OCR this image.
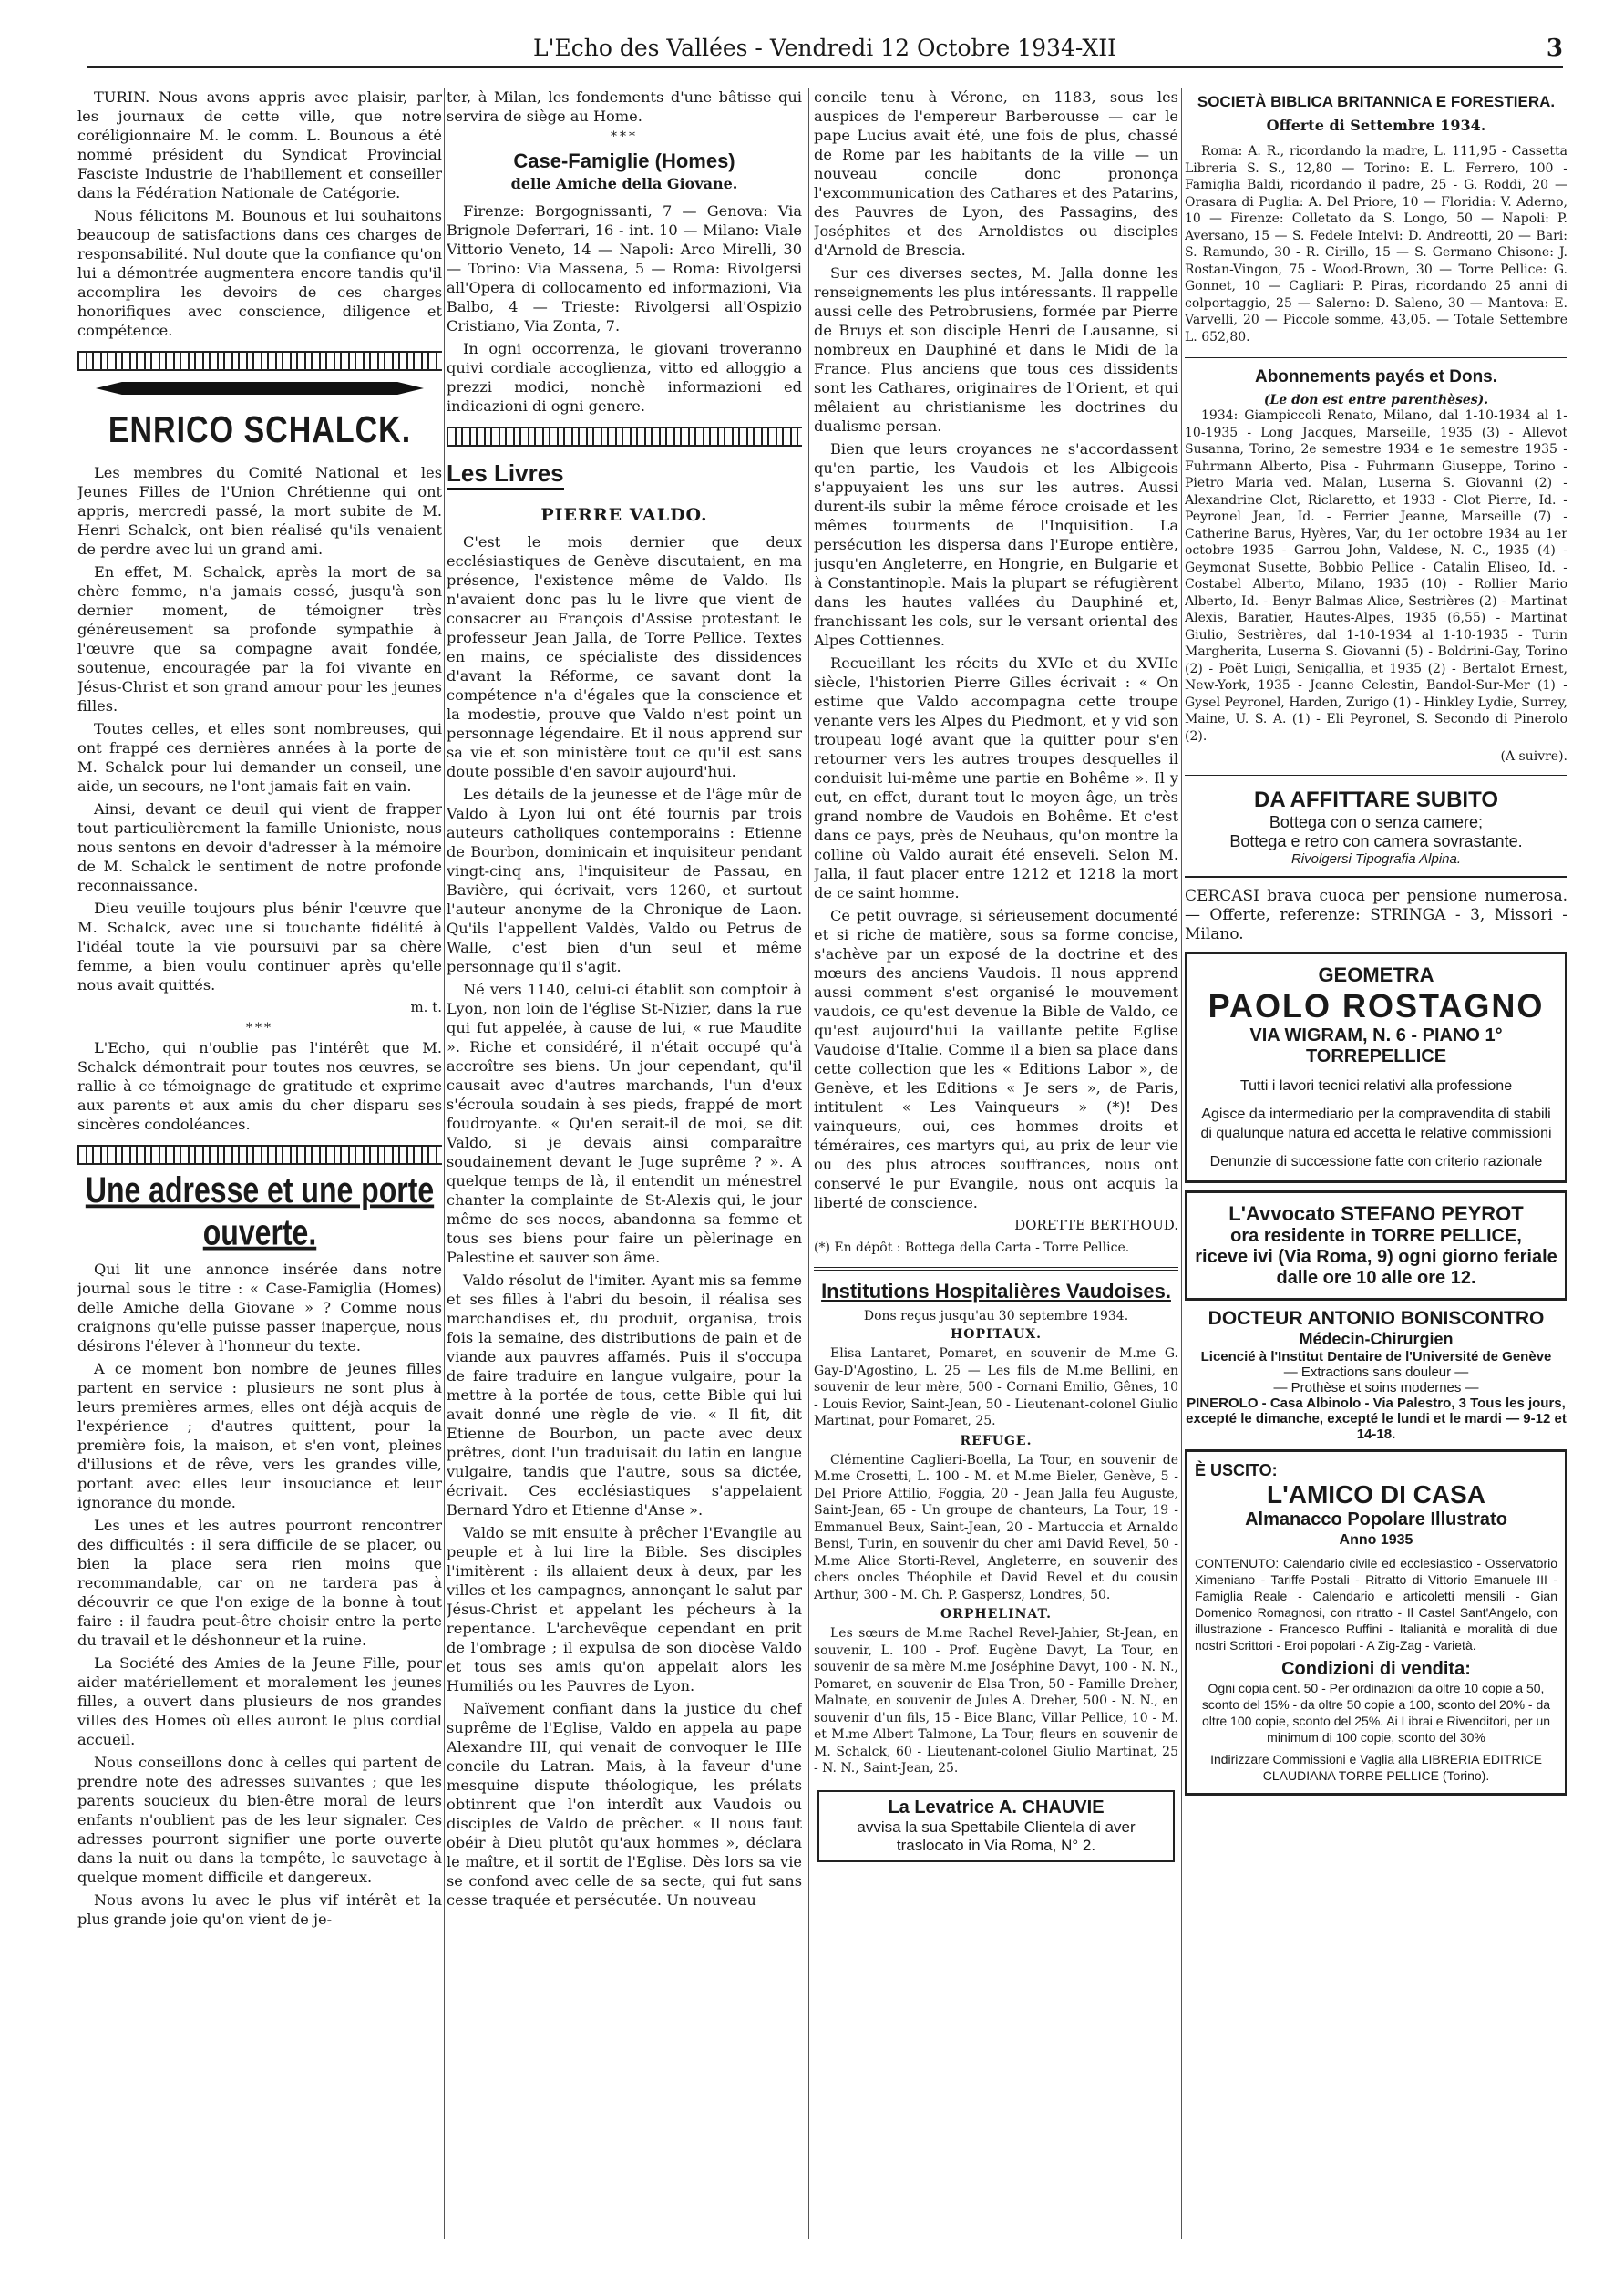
L'Echo des Vallées - Vendredi 12 Octobre 1934-XII	3

TURIN. Nous avons appris avec plaisir, par les journaux de cette ville, que notre coréligionnaire M. le comm. L. Bounous a été nommé président du Syndicat Provincial Fasciste Industrie de l'habillement et conseiller dans la Fédération Nationale de Catégorie.

Nous félicitons M. Bounous et lui souhaitons beaucoup de satisfactions dans ces charges de responsabilité. Nul doute que la confiance qu'on lui a démontrée augmentera encore tandis qu'il accomplira les devoirs de ces charges honorifiques avec conscience, diligence et compétence.

ENRICO SCHALCK.

Les membres du Comité National et les Jeunes Filles de l'Union Chrétienne qui ont appris, mercredi passé, la mort subite de M. Henri Schalck, ont bien réalisé qu'ils venaient de perdre avec lui un grand ami.

En effet, M. Schalck, après la mort de sa chère femme, n'a jamais cessé, jusqu'à son dernier moment, de témoigner très généreusement sa profonde sympathie à l'œuvre que sa compagne avait fondée, soutenue, encouragée par la foi vivante en Jésus-Christ et son grand amour pour les jeunes filles.

Toutes celles, et elles sont nombreuses, qui ont frappé ces dernières années à la porte de M. Schalck pour lui demander un conseil, une aide, un secours, ne l'ont jamais fait en vain.

Ainsi, devant ce deuil qui vient de frapper tout particulièrement la famille Unioniste, nous nous sentons en devoir d'adresser à la mémoire de M. Schalck le sentiment de notre profonde reconnaissance.

Dieu veuille toujours plus bénir l'œuvre que M. Schalck, avec une si touchante fidélité à l'idéal toute la vie poursuivi par sa chère femme, a bien voulu continuer après qu'elle nous avait quittés.

m. t.

***

L'Echo, qui n'oublie pas l'intérêt que M. Schalck démontrait pour toutes nos œuvres, se rallie à ce témoignage de gratitude et exprime aux parents et aux amis du cher disparu ses sincères condoléances.

Une adresse et une porte ouverte.

Qui lit une annonce insérée dans notre journal sous le titre : « Case-Famiglia (Homes) delle Amiche della Giovane » ? Comme nous craignons qu'elle puisse passer inaperçue, nous désirons l'élever à l'honneur du texte.

A ce moment bon nombre de jeunes filles partent en service : plusieurs ne sont plus à leurs premières armes, elles ont déjà acquis de l'expérience ; d'autres quittent, pour la première fois, la maison, et s'en vont, pleines d'illusions et de rêve, vers les grandes ville, portant avec elles leur insouciance et leur ignorance du monde.

Les unes et les autres pourront rencontrer des difficultés : il sera difficile de se placer, ou bien la place sera rien moins que recommandable, car on ne tardera pas à découvrir ce que l'on exige de la bonne à tout faire : il faudra peut-être choisir entre la perte du travail et le déshonneur et la ruine.

La Société des Amies de la Jeune Fille, pour aider matériellement et moralement les jeunes filles, a ouvert dans plusieurs de nos grandes villes des Homes où elles auront le plus cordial accueil.

Nous conseillons donc à celles qui partent de prendre note des adresses suivantes ; que les parents soucieux du bien-être moral de leurs enfants n'oublient pas de les leur signaler. Ces adresses pourront signifier une porte ouverte dans la nuit ou dans la tempête, le sauvetage à quelque moment difficile et dangereux.

Nous avons lu avec le plus vif intérêt et la plus grande joie qu'on vient de je-

ter, à Milan, les fondements d'une bâtisse qui servira de siège au Home.

***
Case-Famiglie (Homes)
delle Amiche della Giovane.

Firenze: Borgognissanti, 7 — Genova: Via Brignole Deferrari, 16 - int. 10 — Milano: Viale Vittorio Veneto, 14 — Napoli: Arco Mirelli, 30 — Torino: Via Massena, 5 — Roma: Rivolgersi all'Opera di collocamento ed informazioni, Via Balbo, 4 — Trieste: Rivolgersi all'Ospizio Cristiano, Via Zonta, 7.

In ogni occorrenza, le giovani troveranno quivi cordiale accoglienza, vitto ed alloggio a prezzi modici, nonchè informazioni ed indicazioni di ogni genere.

Les Livres
PIERRE VALDO.

C'est le mois dernier que deux ecclésiastiques de Genève discutaient, en ma présence, l'existence même de Valdo. Ils n'avaient donc pas lu le livre que vient de consacrer au François d'Assise protestant le professeur Jean Jalla, de Torre Pellice. Textes en mains, ce spécialiste des dissidences d'avant la Réforme, ce savant dont la compétence n'a d'égales que la conscience et la modestie, prouve que Valdo n'est point un personnage légendaire. Et il nous apprend sur sa vie et son ministère tout ce qu'il est sans doute possible d'en savoir aujourd'hui.

Les détails de la jeunesse et de l'âge mûr de Valdo à Lyon lui ont été fournis par trois auteurs catholiques contemporains : Etienne de Bourbon, dominicain et inquisiteur pendant vingt-cinq ans, l'inquisiteur de Passau, en Bavière, qui écrivait, vers 1260, et surtout l'auteur anonyme de la Chronique de Laon. Qu'ils l'appellent Valdès, Valdo ou Petrus de Walle, c'est bien d'un seul et même personnage qu'il s'agit.

Né vers 1140, celui-ci établit son comptoir à Lyon, non loin de l'église St-Nizier, dans la rue qui fut appelée, à cause de lui, « rue Maudite ». Riche et considéré, il n'était occupé qu'à accroître ses biens. Un jour cependant, qu'il causait avec d'autres marchands, l'un d'eux s'écroula soudain à ses pieds, frappé de mort foudroyante. « Qu'en serait-il de moi, se dit Valdo, si je devais ainsi comparaître soudainement devant le Juge suprême ? ». A quelque temps de là, il entendit un ménestrel chanter la complainte de St-Alexis qui, le jour même de ses noces, abandonna sa femme et tous ses biens pour faire un pèlerinage en Palestine et sauver son âme.

Valdo résolut de l'imiter. Ayant mis sa femme et ses filles à l'abri du besoin, il réalisa ses marchandises et, du produit, organisa, trois fois la semaine, des distributions de pain et de viande aux pauvres affamés. Puis il s'occupa de faire traduire en langue vulgaire, pour la mettre à la portée de tous, cette Bible qui lui avait donné une règle de vie. « Il fit, dit Etienne de Bourbon, un pacte avec deux prêtres, dont l'un traduisait du latin en langue vulgaire, tandis que l'autre, sous sa dictée, écrivait. Ces ecclésiastiques s'appelaient Bernard Ydro et Etienne d'Anse ».

Valdo se mit ensuite à prêcher l'Evangile au peuple et à lui lire la Bible. Ses disciples l'imitèrent : ils allaient deux à deux, par les villes et les campagnes, annonçant le salut par Jésus-Christ et appelant les pécheurs à la repentance. L'archevêque cependant en prit de l'ombrage ; il expulsa de son diocèse Valdo et tous ses amis qu'on appelait alors les Humiliés ou les Pauvres de Lyon.

Naïvement confiant dans la justice du chef suprême de l'Eglise, Valdo en appela au pape Alexandre III, qui venait de convoquer le IIIe concile du Latran. Mais, à la faveur d'une mesquine dispute théologique, les prélats obtinrent que l'on interdît aux Vaudois ou disciples de Valdo de prêcher. « Il nous faut obéir à Dieu plutôt qu'aux hommes », déclara le maître, et il sortit de l'Eglise. Dès lors sa vie se confond avec celle de sa secte, qui fut sans cesse traquée et persécutée. Un nouveau

concile tenu à Vérone, en 1183, sous les auspices de l'empereur Barberousse — car le pape Lucius avait été, une fois de plus, chassé de Rome par les habitants de la ville — un nouveau concile donc prononça l'excommunication des Cathares et des Patarins, des Pauvres de Lyon, des Passagins, des Joséphites et des Arnoldistes ou disciples d'Arnold de Brescia.

Sur ces diverses sectes, M. Jalla donne les renseignements les plus intéressants. Il rappelle aussi celle des Petrobrusiens, formée par Pierre de Bruys et son disciple Henri de Lausanne, si nombreux en Dauphiné et dans le Midi de la France. Plus anciens que tous ces dissidents sont les Cathares, originaires de l'Orient, et qui mêlaient au christianisme les doctrines du dualisme persan.

Bien que leurs croyances ne s'accordassent qu'en partie, les Vaudois et les Albigeois s'appuyaient les uns sur les autres. Aussi durent-ils subir la même féroce croisade et les mêmes tourments de l'Inquisition. La persécution les dispersa dans l'Europe entière, jusqu'en Angleterre, en Hongrie, en Bulgarie et à Constantinople. Mais la plupart se réfugièrent dans les hautes vallées du Dauphiné et, franchissant les cols, sur le versant oriental des Alpes Cottiennes.

Recueillant les récits du XVIe et du XVIIe siècle, l'historien Pierre Gilles écrivait : « On estime que Valdo accompagna cette troupe venante vers les Alpes du Piedmont, et y vid son troupeau logé avant que la quitter pour s'en retourner vers les autres troupes desquelles il conduisit lui-même une partie en Bohême ». Il y eut, en effet, durant tout le moyen âge, un très grand nombre de Vaudois en Bohême. Et c'est dans ce pays, près de Neuhaus, qu'on montre la colline où Valdo aurait été enseveli. Selon M. Jalla, il faut placer entre 1212 et 1218 la mort de ce saint homme.

Ce petit ouvrage, si sérieusement documenté et si riche de matière, sous sa forme concise, s'achève par un exposé de la doctrine et des mœurs des anciens Vaudois. Il nous apprend aussi comment s'est organisé le mouvement vaudois, ce qu'est devenue la Bible de Valdo, ce qu'est aujourd'hui la vaillante petite Eglise Vaudoise d'Italie. Comme il a bien sa place dans cette collection que les « Editions Labor », de Genève, et les Editions « Je sers », de Paris, intitulent « Les Vainqueurs » (*)! Des vainqueurs, oui, ces hommes droits et téméraires, ces martyrs qui, au prix de leur vie ou des plus atroces souffrances, nous ont conservé le pur Evangile, nous ont acquis la liberté de conscience.

DORETTE BERTHOUD.

(*) En dépôt : Bottega della Carta - Torre Pellice.

Institutions Hospitalières Vaudoises.
Dons reçus jusqu'au 30 septembre 1934.
HOPITAUX.

Elisa Lantaret, Pomaret, en souvenir de M.me G. Gay-D'Agostino, L. 25 — Les fils de M.me Bellini, en souvenir de leur mère, 500 - Cornani Emilio, Gênes, 10 - Louis Revior, Saint-Jean, 50 - Lieutenant-colonel Giulio Martinat, pour Pomaret, 25.

REFUGE.

Clémentine Caglieri-Boella, La Tour, en souvenir de M.me Crosetti, L. 100 - M. et M.me Bieler, Genève, 5 - Del Priore Attilio, Foggia, 20 - Jean Jalla feu Auguste, Saint-Jean, 65 - Un groupe de chanteurs, La Tour, 19 - Emmanuel Beux, Saint-Jean, 20 - Martuccia et Arnaldo Bensi, Turin, en souvenir du cher ami David Revel, 50 - M.me Alice Storti-Revel, Angleterre, en souvenir des chers oncles Théophile et David Revel et du cousin Arthur, 300 - M. Ch. P. Gaspersz, Londres, 50.

ORPHELINAT.

Les sœurs de M.me Rachel Revel-Jahier, St-Jean, en souvenir, L. 100 - Prof. Eugène Davyt, La Tour, en souvenir de sa mère M.me Joséphine Davyt, 100 - N. N., Pomaret, en souvenir de Elsa Tron, 50 - Famille Dreher, Malnate, en souvenir de Jules A. Dreher, 500 - N. N., en souvenir d'un fils, 15 - Bice Blanc, Villar Pellice, 10 - M. et M.me Albert Talmone, La Tour, fleurs en souvenir de M. Schalck, 60 - Lieutenant-colonel Giulio Martinat, 25 - N. N., Saint-Jean, 25.

La Levatrice A. CHAUVIE
avvisa la sua Spettabile Clientela di aver traslocato in Via Roma, N° 2.
SOCIETÀ BIBLICA BRITANNICA E FORESTIERA.
Offerte di Settembre 1934.

Roma: A. R., ricordando la madre, L. 111,95 - Cassetta Libreria S. S., 12,80 — Torino: E. L. Ferrero, 100 - Famiglia Baldi, ricordando il padre, 25 - G. Roddi, 20 — Orasara di Puglia: A. Del Priore, 10 — Floridia: V. Aderno, 10 — Firenze: Colletato da S. Longo, 50 — Napoli: P. Aversano, 15 — S. Fedele Intelvi: D. Andreotti, 20 — Bari: S. Ramundo, 30 - R. Cirillo, 15 — S. Germano Chisone: J. Rostan-Vingon, 75 - Wood-Brown, 30 — Torre Pellice: G. Gonnet, 10 — Cagliari: P. Piras, ricordando 25 anni di colportaggio, 25 — Salerno: D. Saleno, 30 — Mantova: E. Varvelli, 20 — Piccole somme, 43,05. — Totale Settembre L. 652,80.

Abonnements payés et Dons.
(Le don est entre parenthèses).

1934: Giampiccoli Renato, Milano, dal 1-10-1934 al 1-10-1935 - Long Jacques, Marseille, 1935 (3) - Allevot Susanna, Torino, 2e semestre 1934 e 1e semestre 1935 - Fuhrmann Alberto, Pisa - Fuhrmann Giuseppe, Torino - Pietro Maria ved. Malan, Luserna S. Giovanni (2) - Alexandrine Clot, Riclaretto, et 1933 - Clot Pierre, Id. - Peyronel Jean, Id. - Ferrier Jeanne, Marseille (7) - Catherine Barus, Hyères, Var, du 1er octobre 1934 au 1er octobre 1935 - Garrou John, Valdese, N. C., 1935 (4) - Geymonat Susette, Bobbio Pellice - Catalin Eliseo, Id. - Costabel Alberto, Milano, 1935 (10) - Rollier Mario Alberto, Id. - Benyr Balmas Alice, Sestrières (2) - Martinat Alexis, Baratier, Hautes-Alpes, 1935 (6,55) - Martinat Giulio, Sestrières, dal 1-10-1934 al 1-10-1935 - Turin Margherita, Luserna S. Giovanni (5) - Boldrini-Gay, Torino (2) - Poët Luigi, Senigallia, et 1935 (2) - Bertalot Ernest, New-York, 1935 - Jeanne Celestin, Bandol-Sur-Mer (1) - Gysel Peyronel, Harden, Zurigo (1) - Hinkley Lydie, Surrey, Maine, U. S. A. (1) - Eli Peyronel, S. Secondo di Pinerolo (2).

(A suivre).

DA AFFITTARE SUBITO
Bottega con o senza camere;
Bottega e retro con camera sovrastante.
Rivolgersi Tipografia Alpina.

CERCASI brava cuoca per pensione numerosa. — Offerte, referenze: STRINGA - 3, Missori - Milano.

GEOMETRA
PAOLO ROSTAGNO
VIA WIGRAM, N. 6 - PIANO 1°
TORREPELLICE
Tutti i lavori tecnici relativi alla professione
Agisce da intermediario per la compravendita di stabili di qualunque natura ed accetta le relative commissioni
Denunzie di successione fatte con criterio razionale
L'Avvocato STEFANO PEYROT
ora residente in TORRE PELLICE,
riceve ivi (Via Roma, 9) ogni giorno feriale dalle ore 10 alle ore 12.
DOCTEUR ANTONIO BONISCONTRO
Médecin-Chirurgien
Licencié à l'Institut Dentaire de l'Université de Genève
— Extractions sans douleur —
— Prothèse et soins modernes —
PINEROLO - Casa Albinolo - Via Palestro, 3 Tous les jours, excepté le dimanche, excepté le lundi et le mardi — 9-12 et 14-18.
È USCITO:
L'AMICO DI CASA
Almanacco Popolare Illustrato
Anno 1935
CONTENUTO: Calendario civile ed ecclesiastico - Osservatorio Ximeniano - Tariffe Postali - Ritratto di Vittorio Emanuele III - Famiglia Reale - Calendario e articoletti mensili - Gian Domenico Romagnosi, con ritratto - Il Castel Sant'Angelo, con illustrazione - Francesco Ruffini - Italianità e moralità di due nostri Scrittori - Eroi popolari - A Zig-Zag - Varietà.
Condizioni di vendita:
Ogni copia cent. 50 - Per ordinazioni da oltre 10 copie a 50, sconto del 15% - da oltre 50 copie a 100, sconto del 20% - da oltre 100 copie, sconto del 25%. Ai Librai e Rivenditori, per un minimum di 100 copie, sconto del 30%
Indirizzare Commissioni e Vaglia alla LIBRERIA EDITRICE CLAUDIANA TORRE PELLICE (Torino).
